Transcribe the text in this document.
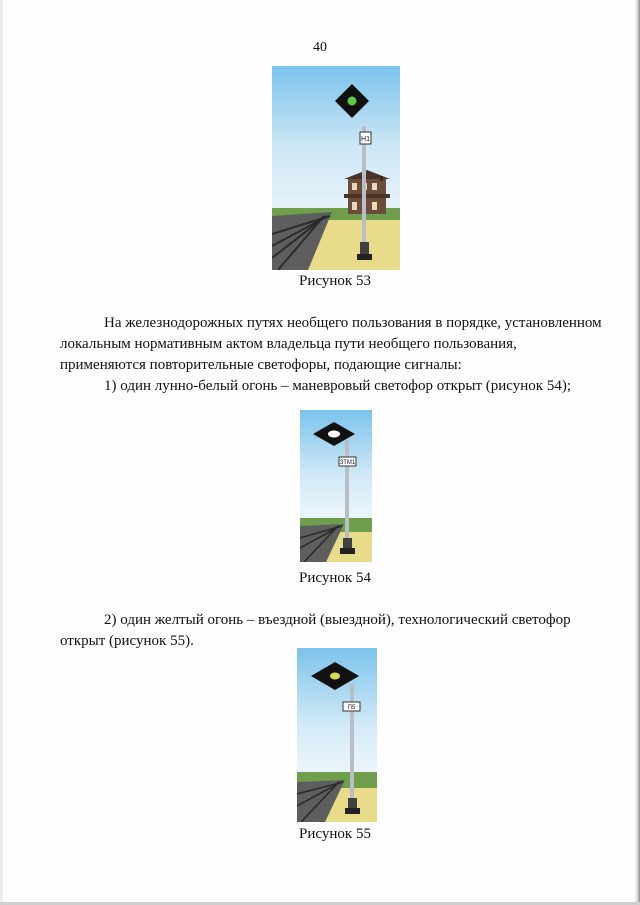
40
Н1
Рисунок 53
На железнодорожных путях необщего пользования в порядке, установленном
локальным нормативным актом владельца пути необщего пользования,
применяются повторительные светофоры, подающие сигналы:
1) один лунно-белый огонь – маневровый светофор открыт (рисунок 54);
ЗТМ1
Рисунок 54
2) один желтый огонь – въездной (выездной), технологический светофор
открыт (рисунок 55).
П5
Рисунок 55
